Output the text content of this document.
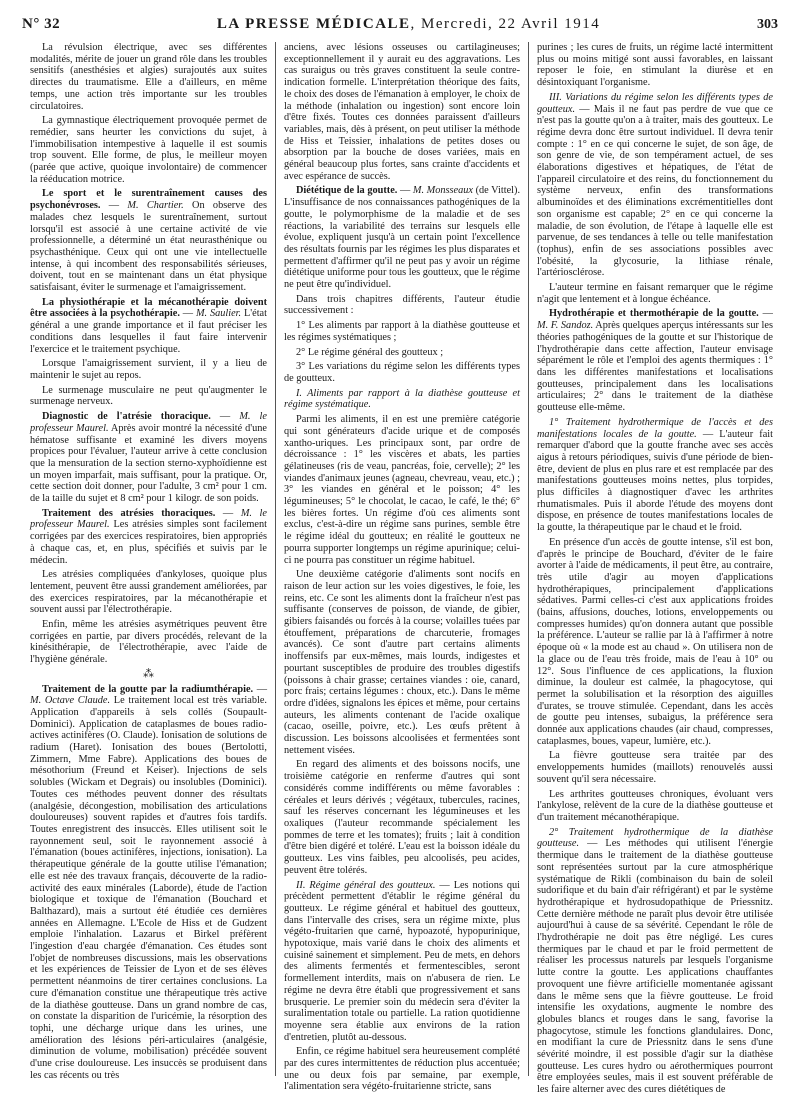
N° 32	LA PRESSE MÉDICALE, Mercredi, 22 Avril 1914	303

La révulsion électrique, avec ses différentes modalités, mérite de jouer un grand rôle dans les troubles sensitifs (anesthésies et algies) surajoutés aux suites directes du traumatisme. Elle a d'ailleurs, en même temps, une action très importante sur les troubles circulatoires.

La gymnastique électriquement provoquée permet de remédier, sans heurter les convictions du sujet, à l'immobilisation intempestive à laquelle il est soumis trop souvent. Elle forme, de plus, le meilleur moyen (parée que active, quoique involontaire) de commencer la rééducation motrice.

Le sport et le surentraînement causes des psychonévroses. — M. Chartier. On observe des malades chez lesquels le surentraînement, surtout lorsqu'il est associé à une certaine activité de vie professionnelle, a déterminé un état neurasthénique ou psychasthénique. Ceux qui ont une vie intellectuelle intense, à qui incombent des responsabilités sérieuses, doivent, tout en se maintenant dans un état physique satisfaisant, éviter le surmenage et l'amaigrissement.

La physiothérapie et la mécanothérapie doivent être associées à la psychothérapie. — M. Saulier. L'état général a une grande importance et il faut préciser les conditions dans lesquelles il faut faire intervenir l'exercice et le traitement psychique.

Lorsque l'amaigrissement survient, il y a lieu de maintenir le sujet au repos.

Le surmenage musculaire ne peut qu'augmenter le surmenage nerveux.

Diagnostic de l'atrésie thoracique. — M. le professeur Maurel. Après avoir montré la nécessité d'une hématose suffisante et examiné les divers moyens propices pour l'évaluer, l'auteur arrive à cette conclusion que la mensuration de la section sterno-xyphoïdienne est un moyen imparfait, mais suffisant, pour la pratique. Or, cette section doit donner, pour l'adulte, 3 cm² pour 1 cm. de la taille du sujet et 8 cm² pour 1 kilogr. de son poids.

Traitement des atrésies thoraciques. — M. le professeur Maurel. Les atrésies simples sont facilement corrigées par des exercices respiratoires, bien appropriés à chaque cas, et, en plus, spécifiés et suivis par le médecin.

Les atrésies compliquées d'ankyloses, quoique plus lentement, peuvent être aussi grandement améliorées, par des exercices respiratoires, par la mécanothérapie et souvent aussi par l'électrothérapie.

Enfin, même les atrésies asymétriques peuvent être corrigées en partie, par divers procédés, relevant de la kinésithérapie, de l'électrothérapie, avec l'aide de l'hygiène générale.

⁂

Traitement de la goutte par la radiumthérapie. — M. Octave Claude. Le traitement local est très variable. Application d'appareils à sels collés (Soupault-Dominici). Application de cataplasmes de boues radio-actives actinifères (O. Claude). Ionisation de solutions de radium (Haret). Ionisation des boues (Bertolotti, Zimmern, Mme Fabre). Applications des boues de mésothorium (Freund et Keiser). Injections de sels solubles (Wickam et Degrais) ou insolubles (Dominici). Toutes ces méthodes peuvent donner des résultats (analgésie, décongestion, mobilisation des articulations douloureuses) souvent rapides et d'autres fois tardifs. Toutes enregistrent des insuccès. Elles utilisent soit le rayonnement seul, soit le rayonnement associé à l'émanation (boues actinifères, injections, ionisation). La thérapeutique générale de la goutte utilise l'émanation; elle est née des travaux français, découverte de la radio-activité des eaux minérales (Laborde), étude de l'action biologique et toxique de l'émanation (Bouchard et Balthazard), mais a surtout été étudiée ces dernières années en Allemagne. L'Ecole de Hiss et de Gudzent emploie l'inhalation. Lazarus et Birkel préfèrent l'ingestion d'eau chargée d'émanation. Ces études sont l'objet de nombreuses discussions, mais les observations et les expériences de Teissier de Lyon et de ses élèves permettent néanmoins de tirer certaines conclusions. La cure d'émanation constitue une thérapeutique très active de la diathèse goutteuse. Dans un grand nombre de cas, on constate la disparition de l'uricémie, la résorption des tophi, une décharge urique dans les urines, une amélioration des lésions péri-articulaires (analgésie, diminution de volume, mobilisation) précédée souvent d'une crise douloureuse. Les insuccès se produisent dans les cas récents ou très

anciens, avec lésions osseuses ou cartilagineuses; exceptionnellement il y aurait eu des aggravations. Les cas suraigus ou très graves constituent la seule contre-indication formelle. L'interprétation théorique des faits, le choix des doses de l'émanation à employer, le choix de la méthode (inhalation ou ingestion) sont encore loin d'être fixés. Toutes ces données paraissent d'ailleurs variables, mais, dès à présent, on peut utiliser la méthode de Hiss et Teissier, inhalations de petites doses ou absorption par la bouche de doses variées, mais en général beaucoup plus fortes, sans crainte d'accidents et avec espérance de succès.

Diététique de la goutte. — M. Monsseaux (de Vittel). L'insuffisance de nos connaissances pathogéniques de la goutte, le polymorphisme de la maladie et de ses réactions, la variabilité des terrains sur lesquels elle évolue, expliquent jusqu'à un certain point l'excellence des résultats fournis par les régimes les plus disparates et permettent d'affirmer qu'il ne peut pas y avoir un régime diététique uniforme pour tous les goutteux, que le régime ne peut être qu'individuel.

Dans trois chapitres différents, l'auteur étudie successivement :

1° Les aliments par rapport à la diathèse goutteuse et les régimes systématiques ;

2° Le régime général des goutteux ;

3° Les variations du régime selon les différents types de goutteux.

I. Aliments par rapport à la diathèse goutteuse et régime systématique.

Parmi les aliments, il en est une première catégorie qui sont générateurs d'acide urique et de composés xantho-uriques. Les principaux sont, par ordre de décroissance : 1° les viscères et abats, les parties gélatineuses (ris de veau, pancréas, foie, cervelle); 2° les viandes d'animaux jeunes (agneau, chevreau, veau, etc.) ; 3° les viandes en général et le poisson; 4° les légumineuses; 5° le chocolat, le cacao, le café, le thé; 6° les bières fortes. Un régime d'où ces aliments sont exclus, c'est-à-dire un régime sans purines, semble être le régime idéal du goutteux; en réalité le goutteux ne pourra supporter longtemps un régime apurinique; celui-ci ne pourra pas constituer un régime habituel.

Une deuxième catégorie d'aliments sont nocifs en raison de leur action sur les voies digestives, le foie, les reins, etc. Ce sont les aliments dont la fraîcheur n'est pas suffisante (conserves de poisson, de viande, de gibier, gibiers faisandés ou forcés à la course; volailles tuées par étouffement, préparations de charcuterie, fromages avancés). Ce sont d'autre part certains aliments inoffensifs par eux-mêmes, mais lourds, indigestes et pourtant susceptibles de produire des troubles digestifs (poissons à chair grasse; certaines viandes : oie, canard, porc frais; certains légumes : choux, etc.). Dans le même ordre d'idées, signalons les épices et même, pour certains auteurs, les aliments contenant de l'acide oxalique (cacao, oseille, poivre, etc.). Les œufs prêtent à discussion. Les boissons alcoolisées et fermentées sont nettement visées.

En regard des aliments et des boissons nocifs, une troisième catégorie en renferme d'autres qui sont considérés comme indifférents ou même favorables : céréales et leurs dérivés ; végétaux, tubercules, racines, sauf les réserves concernant les légumineuses et les oxaliques (l'auteur recommande spécialement les pommes de terre et les tomates); fruits ; lait à condition d'être bien digéré et toléré. L'eau est la boisson idéale du goutteux. Les vins faibles, peu alcoolisés, peu acides, peuvent être tolérés.

II. Régime général des goutteux. — Les notions qui précèdent permettent d'établir le régime général du goutteux. Le régime général et habituel des goutteux, dans l'intervalle des crises, sera un régime mixte, plus végéto-fruitarien que carné, hypoazoté, hypopurinique, hypotoxique, mais varié dans le choix des aliments et cuisiné sainement et simplement. Peu de mets, en dehors des aliments fermentés et fermentescibles, seront formellement interdits, mais on n'abusera de rien. Le régime ne devra être établi que progressivement et sans brusquerie. Le premier soin du médecin sera d'éviter la suralimentation totale ou partielle. La ration quotidienne moyenne sera établie aux environs de la ration d'entretien, plutôt au-dessous.

Enfin, ce régime habituel sera heureusement complété par des cures intermittentes de réduction plus accentuée; une ou deux fois par semaine, par exemple, l'alimentation sera végéto-fruitarienne stricte, sans

purines ; les cures de fruits, un régime lacté intermittent plus ou moins mitigé sont aussi favorables, en laissant reposer le foie, en stimulant la diurèse et en désintoxiquant l'organisme.

III. Variations du régime selon les différents types de goutteux. — Mais il ne faut pas perdre de vue que ce n'est pas la goutte qu'on a à traiter, mais des goutteux. Le régime devra donc être surtout individuel. Il devra tenir compte : 1° en ce qui concerne le sujet, de son âge, de son genre de vie, de son tempérament actuel, de ses élaborations digestives et hépatiques, de l'état de l'appareil circulatoire et des reins, du fonctionnement du système nerveux, enfin des transformations albuminoïdes et des éliminations excrémentitielles dont son organisme est capable; 2° en ce qui concerne la maladie, de son évolution, de l'étape à laquelle elle est parvenue, de ses tendances à telle ou telle manifestation (tophus), enfin de ses associations possibles avec l'obésité, la glycosurie, la lithiase rénale, l'artériosclérose.

L'auteur termine en faisant remarquer que le régime n'agit que lentement et à longue échéance.

Hydrothérapie et thermothérapie de la goutte. — M. F. Sandoz. Après quelques aperçus intéressants sur les théories pathogéniques de la goutte et sur l'historique de l'hydrothérapie dans cette affection, l'auteur envisage séparément le rôle et l'emploi des agents thermiques : 1° dans les différentes manifestations et localisations goutteuses, principalement dans les localisations articulaires; 2° dans le traitement de la diathèse goutteuse elle-même.

1° Traitement hydrothermique de l'accès et des manifestations locales de la goutte. — L'auteur fait remarquer d'abord que la goutte franche avec ses accès aigus à retours périodiques, suivis d'une période de bien-être, devient de plus en plus rare et est remplacée par des manifestations goutteuses moins nettes, plus torpides, plus difficiles à diagnostiquer d'avec les arthrites rhumatismales. Puis il aborde l'étude des moyens dont dispose, en présence de toutes manifestations locales de la goutte, la thérapeutique par le chaud et le froid.

En présence d'un accès de goutte intense, s'il est bon, d'après le principe de Bouchard, d'éviter de le faire avorter à l'aide de médicaments, il peut être, au contraire, très utile d'agir au moyen d'applications hydrothérapiques, principalement d'applications sédatives. Parmi celles-ci c'est aux applications froides (bains, affusions, douches, lotions, enveloppements ou compresses humides) qu'on donnera autant que possible la préférence. L'auteur se rallie par là à l'affirmer à notre époque où « la mode est au chaud ». On utilisera non de la glace ou de l'eau très froide, mais de l'eau à 10° ou 12°. Sous l'influence de ces applications, la fluxion diminue, la douleur est calmée, la phagocytose, qui permet la solubilisation et la résorption des aiguilles d'urates, se trouve stimulée. Cependant, dans les accès de goutte peu intenses, subaigus, la préférence sera donnée aux applications chaudes (air chaud, compresses, cataplasmes, boues, vapeur, lumière, etc.).

La fièvre goutteuse sera traitée par des enveloppements humides (maillots) renouvelés aussi souvent qu'il sera nécessaire.

Les arthrites goutteuses chroniques, évoluant vers l'ankylose, relèvent de la cure de la diathèse goutteuse et d'un traitement mécanothérapique.

2° Traitement hydrothermique de la diathèse goutteuse. — Les méthodes qui utilisent l'énergie thermique dans le traitement de la diathèse goutteuse sont représentées surtout par la cure atmosphérique systématique de Rikli (combinaison du bain de soleil sudorifique et du bain d'air réfrigérant) et par le système hydrothérapique et hydrosudopathique de Priessnitz. Cette dernière méthode ne paraît plus devoir être utilisée aujourd'hui à cause de sa sévérité. Cependant le rôle de l'hydrothérapie ne doit pas être négligé. Les cures thermiques par le chaud et par le froid permettent de réaliser les processus naturels par lesquels l'organisme lutte contre la goutte. Les applications chauffantes provoquent une fièvre artificielle momentanée agissant dans le même sens que la fièvre goutteuse. Le froid intensifie les oxydations, augmente le nombre des globules blancs et rouges dans le sang, favorise la phagocytose, stimule les fonctions glandulaires. Donc, en modifiant la cure de Priessnitz dans le sens d'une sévérité moindre, il est possible d'agir sur la diathèse goutteuse. Les cures hydro ou aérothermiques pourront être employées seules, mais il est souvent préférable de les faire alterner avec des cures diététiques de
